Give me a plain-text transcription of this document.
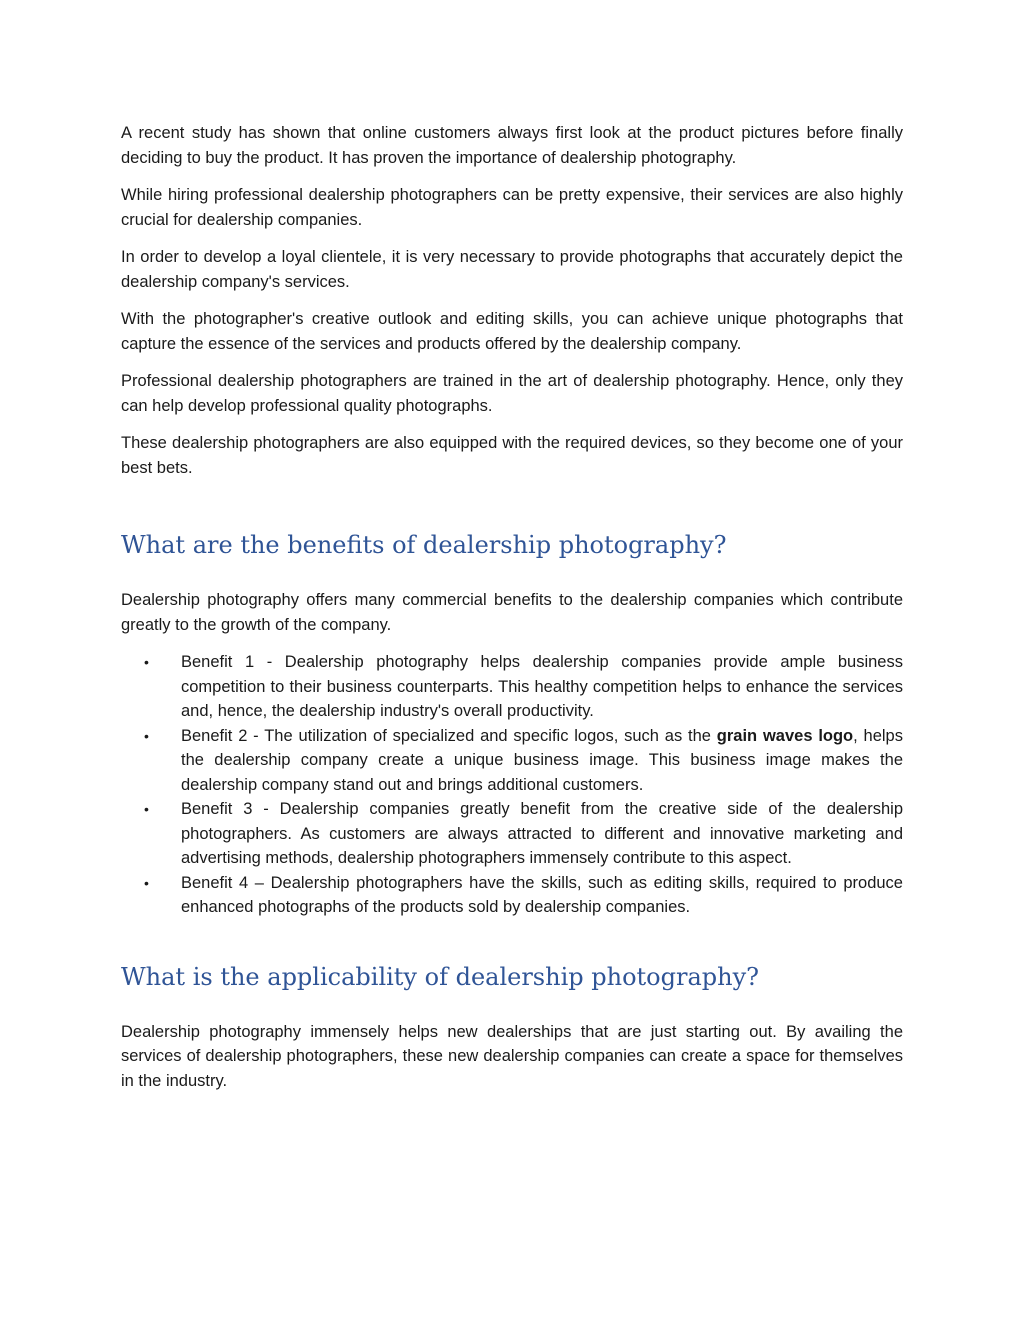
A recent study has shown that online customers always first look at the product pictures before finally deciding to buy the product. It has proven the importance of dealership photography.

While hiring professional dealership photographers can be pretty expensive, their services are also highly crucial for dealership companies.

In order to develop a loyal clientele, it is very necessary to provide photographs that accurately depict the dealership company's services.

With the photographer's creative outlook and editing skills, you can achieve unique photographs that capture the essence of the services and products offered by the dealership company.

Professional dealership photographers are trained in the art of dealership photography. Hence, only they can help develop professional quality photographs.

These dealership photographers are also equipped with the required devices, so they become one of your best bets.

What are the benefits of dealership photography?

Dealership photography offers many commercial benefits to the dealership companies which contribute greatly to the growth of the company.

• Benefit 1 - Dealership photography helps dealership companies provide ample business competition to their business counterparts. This healthy competition helps to enhance the services and, hence, the dealership industry's overall productivity.
• Benefit 2 - The utilization of specialized and specific logos, such as the grain waves logo, helps the dealership company create a unique business image. This business image makes the dealership company stand out and brings additional customers.
• Benefit 3 - Dealership companies greatly benefit from the creative side of the dealership photographers. As customers are always attracted to different and innovative marketing and advertising methods, dealership photographers immensely contribute to this aspect.
• Benefit 4 – Dealership photographers have the skills, such as editing skills, required to produce enhanced photographs of the products sold by dealership companies.
What is the applicability of dealership photography?

Dealership photography immensely helps new dealerships that are just starting out. By availing the services of dealership photographers, these new dealership companies can create a space for themselves in the industry.
